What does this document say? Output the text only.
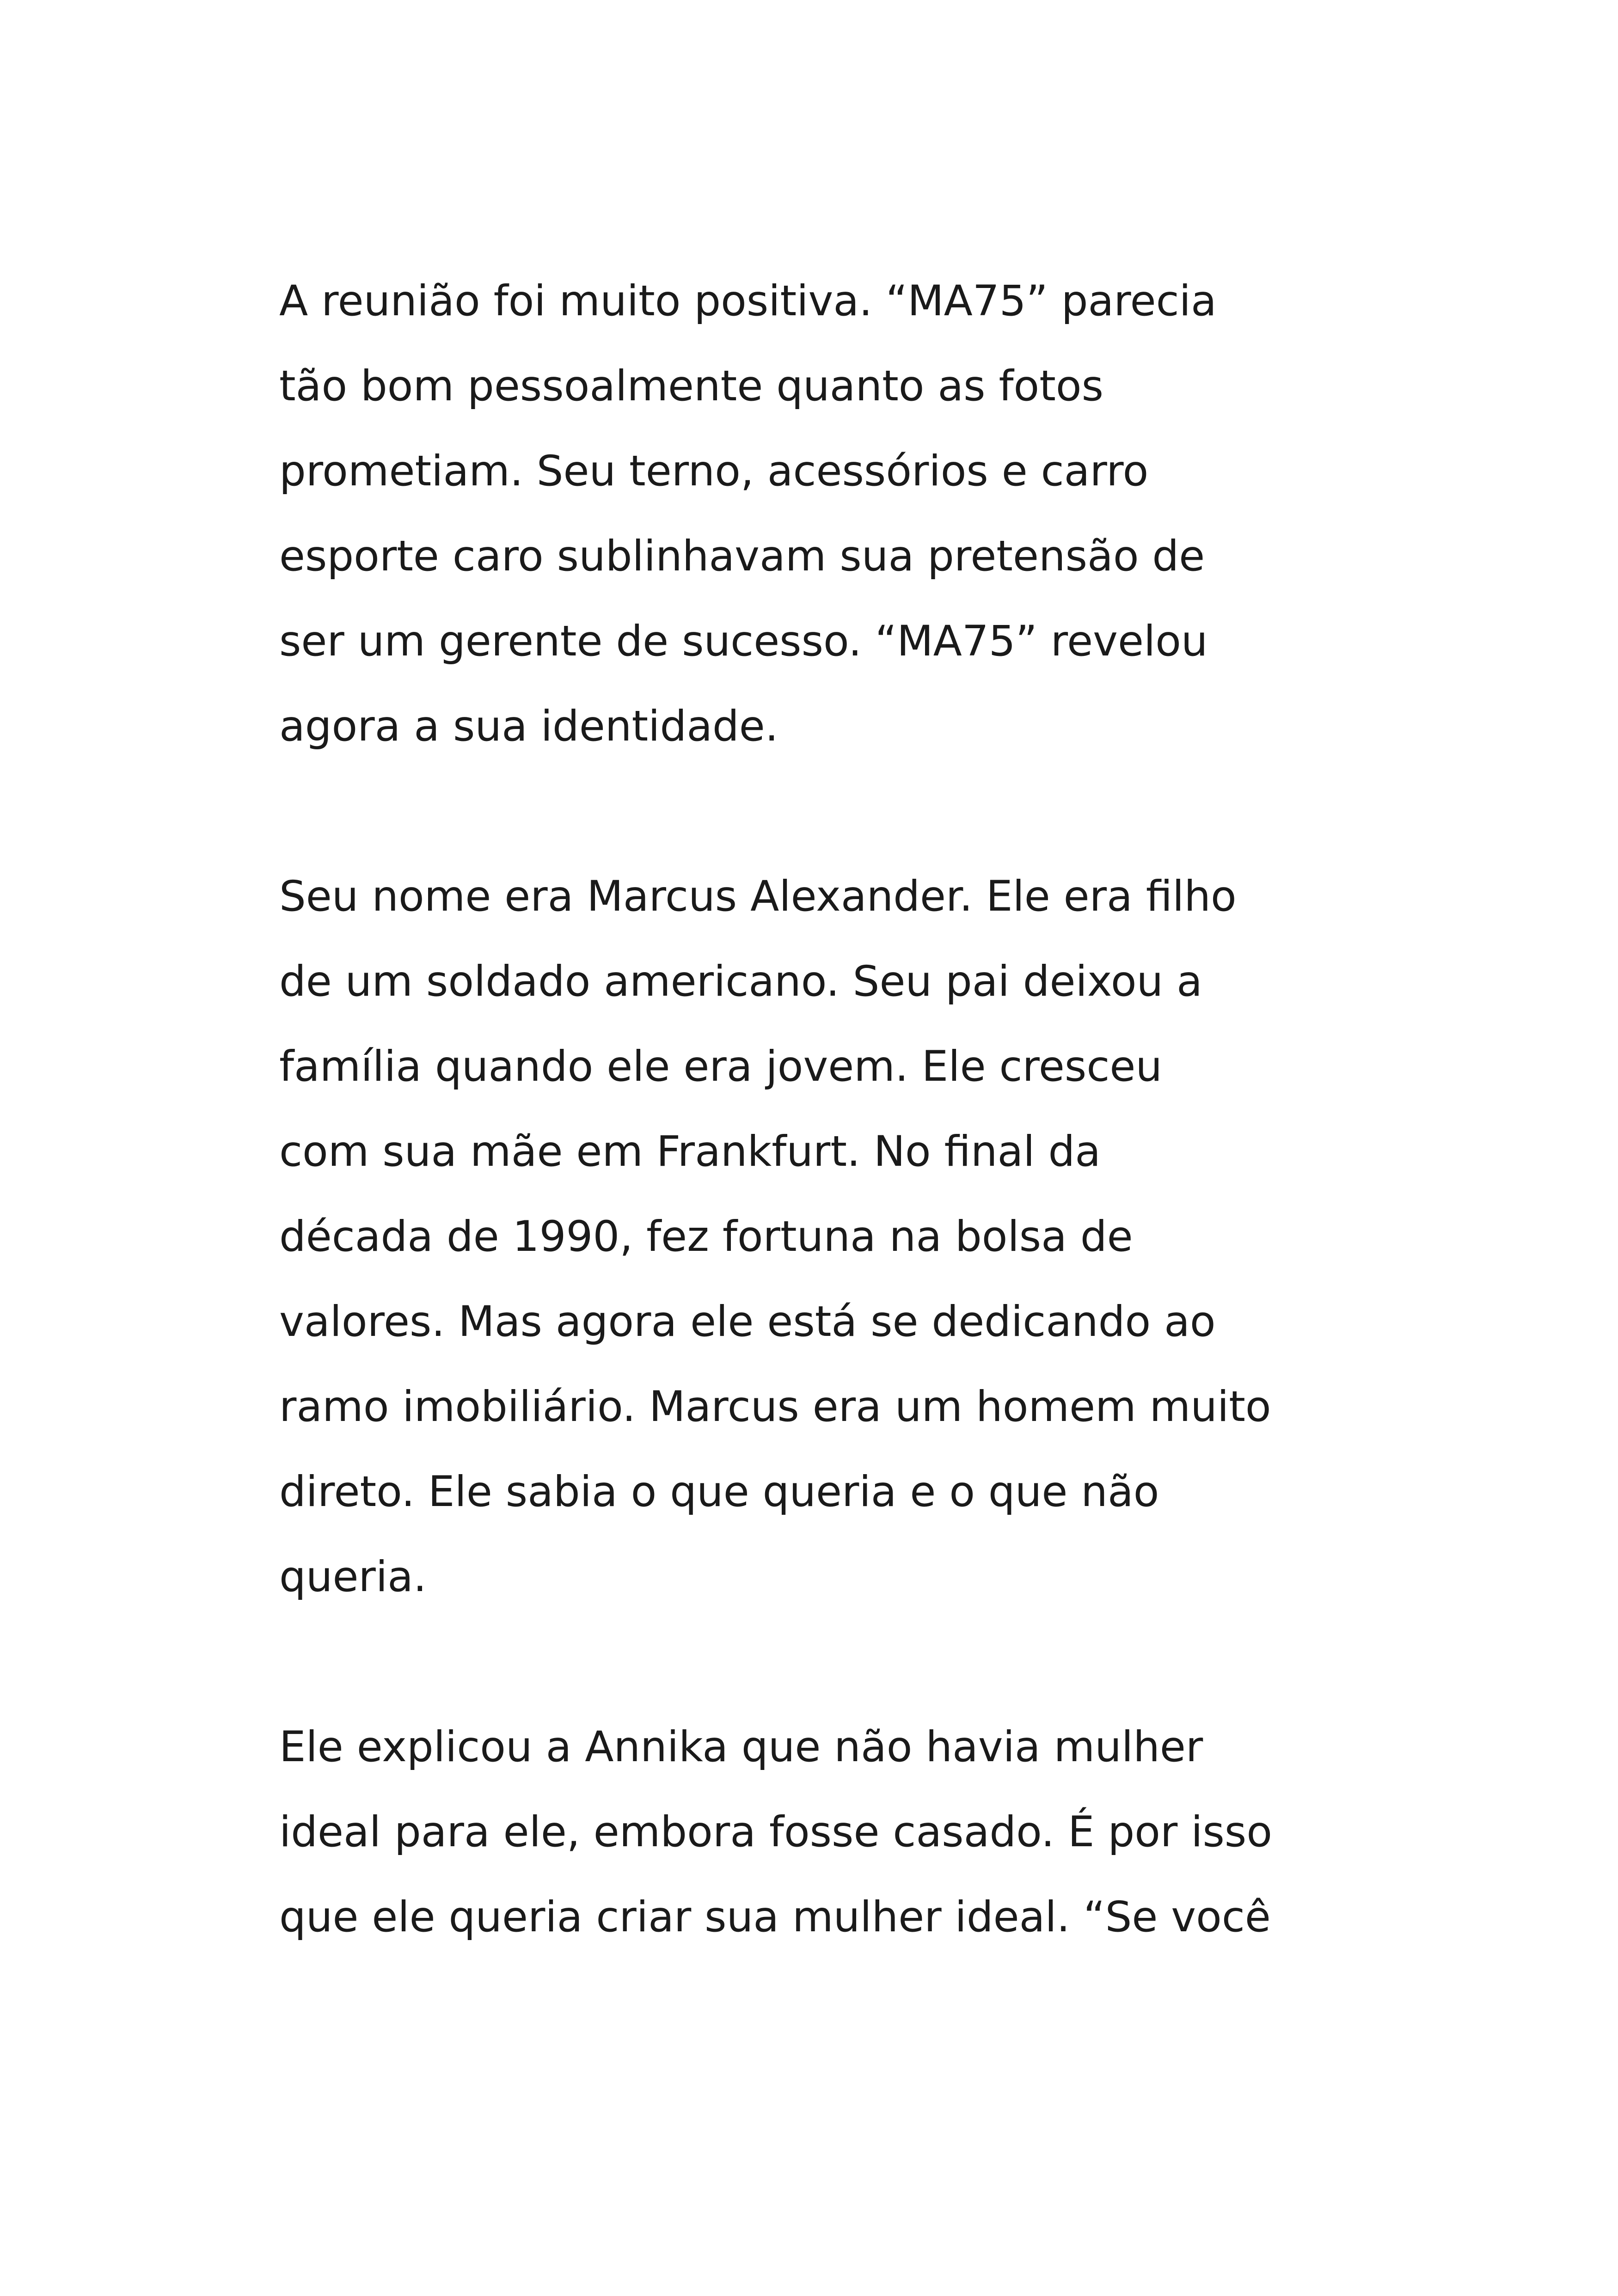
A reunião foi muito positiva. “MA75” parecia
tão bom pessoalmente quanto as fotos
prometiam. Seu terno, acessórios e carro
esporte caro sublinhavam sua pretensão de
ser um gerente de sucesso. “MA75” revelou
agora a sua identidade.
Seu nome era Marcus Alexander. Ele era filho
de um soldado americano. Seu pai deixou a
família quando ele era jovem. Ele cresceu
com sua mãe em Frankfurt. No final da
década de 1990, fez fortuna na bolsa de
valores. Mas agora ele está se dedicando ao
ramo imobiliário. Marcus era um homem muito
direto. Ele sabia o que queria e o que não
queria.
Ele explicou a Annika que não havia mulher
ideal para ele, embora fosse casado. É por isso
que ele queria criar sua mulher ideal. “Se você
